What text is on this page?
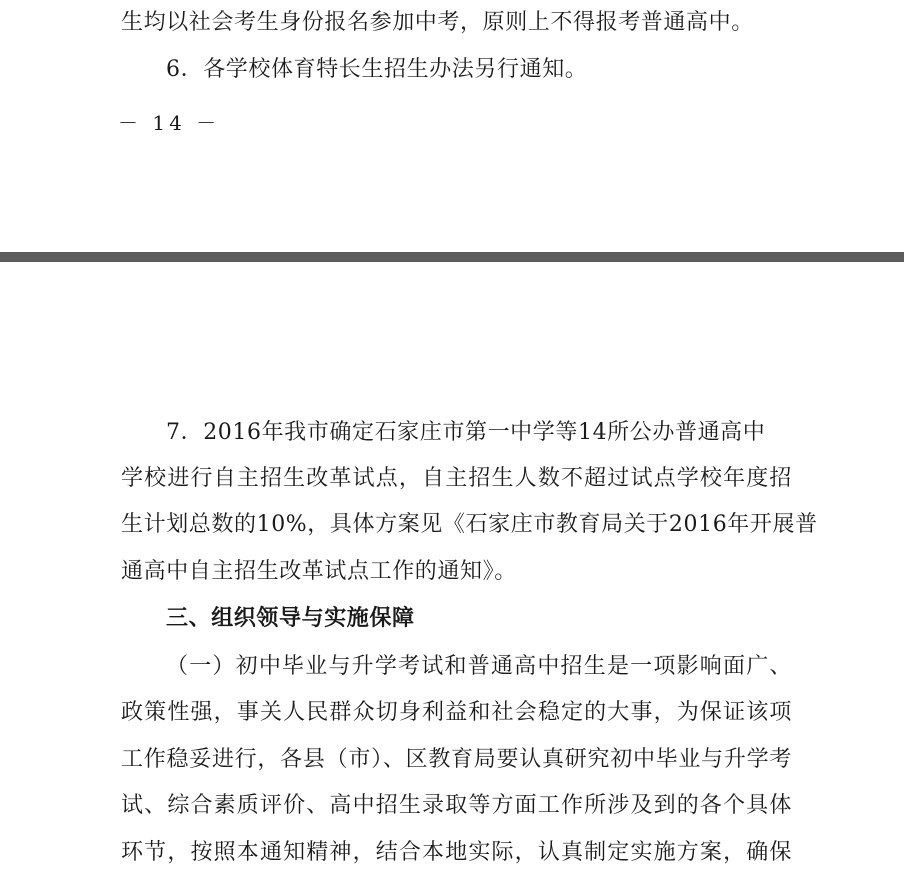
生均以社会考生身份报名参加中考，原则上不得报考普通高中。

6．各学校体育特长生招生办法另行通知。

－ 14 －

7．2016年我市确定石家庄市第一中学等14所公办普通高中

学校进行自主招生改革试点，自主招生人数不超过试点学校年度招

生计划总数的10%，具体方案见《石家庄市教育局关于2016年开展普

通高中自主招生改革试点工作的通知》。

三、组织领导与实施保障

（一）初中毕业与升学考试和普通高中招生是一项影响面广、

政策性强，事关人民群众切身利益和社会稳定的大事，为保证该项

工作稳妥进行，各县（市）、区教育局要认真研究初中毕业与升学考

试、综合素质评价、高中招生录取等方面工作所涉及到的各个具体

环节，按照本通知精神，结合本地实际，认真制定实施方案，确保
